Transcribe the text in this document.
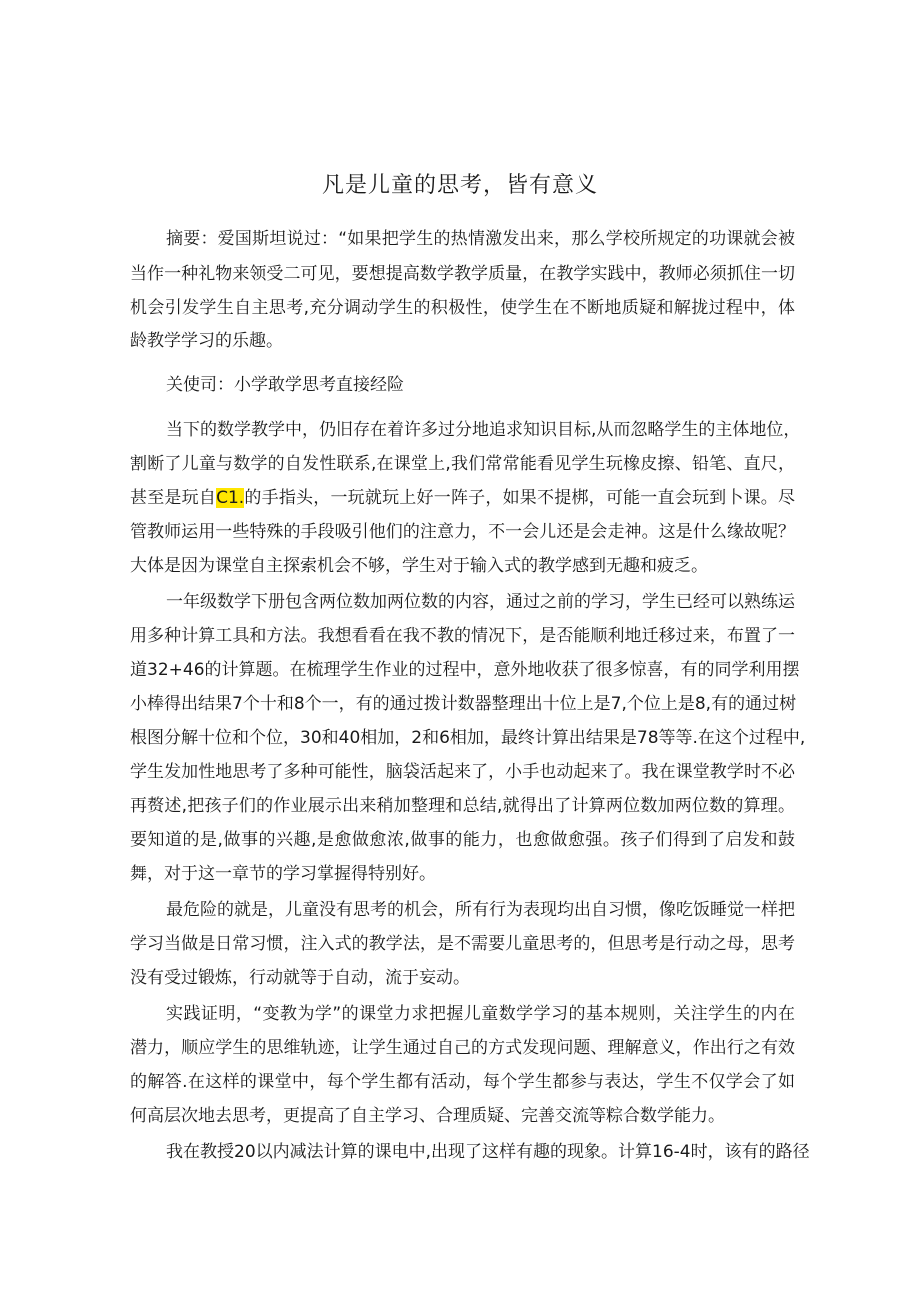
凡是儿童的思考，皆有意义
摘要：爱国斯坦说过：“如果把学生的热情激发出来，那么学校所规定的功课就会被
当作一种礼物来领受二可见，要想提高数学教学质量，在教学实践中，教师必须抓住一切
机会引发学生自主思考,充分调动学生的积极性，使学生在不断地质疑和解拢过程中，体
龄教学学习的乐趣。
关使司：小学敢学思考直接经险
当下的数学教学中，仍旧存在着许多过分地追求知识目标,从而忽略学生的主体地位，
割断了儿童与数学的自发性联系,在课堂上,我们常常能看见学生玩橡皮擦、铅笔、直尺，
甚至是玩自C1.的手指头，一玩就玩上好一阵子，如果不提梆，可能一直会玩到卜课。尽
管教师运用一些特殊的手段吸引他们的注意力，不一会儿还是会走神。这是什么缘故呢？
大体是因为课堂自主探索机会不够，学生对于输入式的教学感到无趣和疲乏。
一年级数学下册包含两位数加两位数的内容，通过之前的学习，学生已经可以熟练运
用多种计算工具和方法。我想看看在我不教的情况下，是否能顺利地迁移过来，布置了一
道32+46的计算题。在梳理学生作业的过程中，意外地收获了很多惊喜，有的同学利用摆
小棒得出结果7个十和8个一，有的通过拨计数器整理出十位上是7,个位上是8,有的通过树
根图分解十位和个位，30和40相加，2和6相加，最终计算出结果是78等等.在这个过程中,
学生发加性地思考了多种可能性，脑袋活起来了，小手也动起来了。我在课堂教学时不必
再赘述,把孩子们的作业展示出来稍加整理和总结,就得出了计算两位数加两位数的算理。
要知道的是,做事的兴趣,是愈做愈浓,做事的能力，也愈做愈强。孩子们得到了启发和鼓
舞，对于这一章节的学习掌握得特别好。
最危险的就是，儿童没有思考的机会，所有行为表现均出自习惯，像吃饭睡觉一样把
学习当做是日常习惯，注入式的教学法，是不需要儿童思考的，但思考是行动之母，思考
没有受过锻炼，行动就等于自动，流于妄动。
实践证明，“变教为学”的课堂力求把握儿童数学学习的基本规则，关注学生的内在
潜力，顺应学生的思维轨迹，让学生通过自己的方式发现问题、理解意义，作出行之有效
的解答.在这样的课堂中，每个学生都有活动，每个学生都参与表达，学生不仅学会了如
何高层次地去思考，更提高了自主学习、合理质疑、完善交流等粽合数学能力。
我在教授20以内减法计算的课电中,出现了这样有趣的现象。计算16-4时，该有的路径
